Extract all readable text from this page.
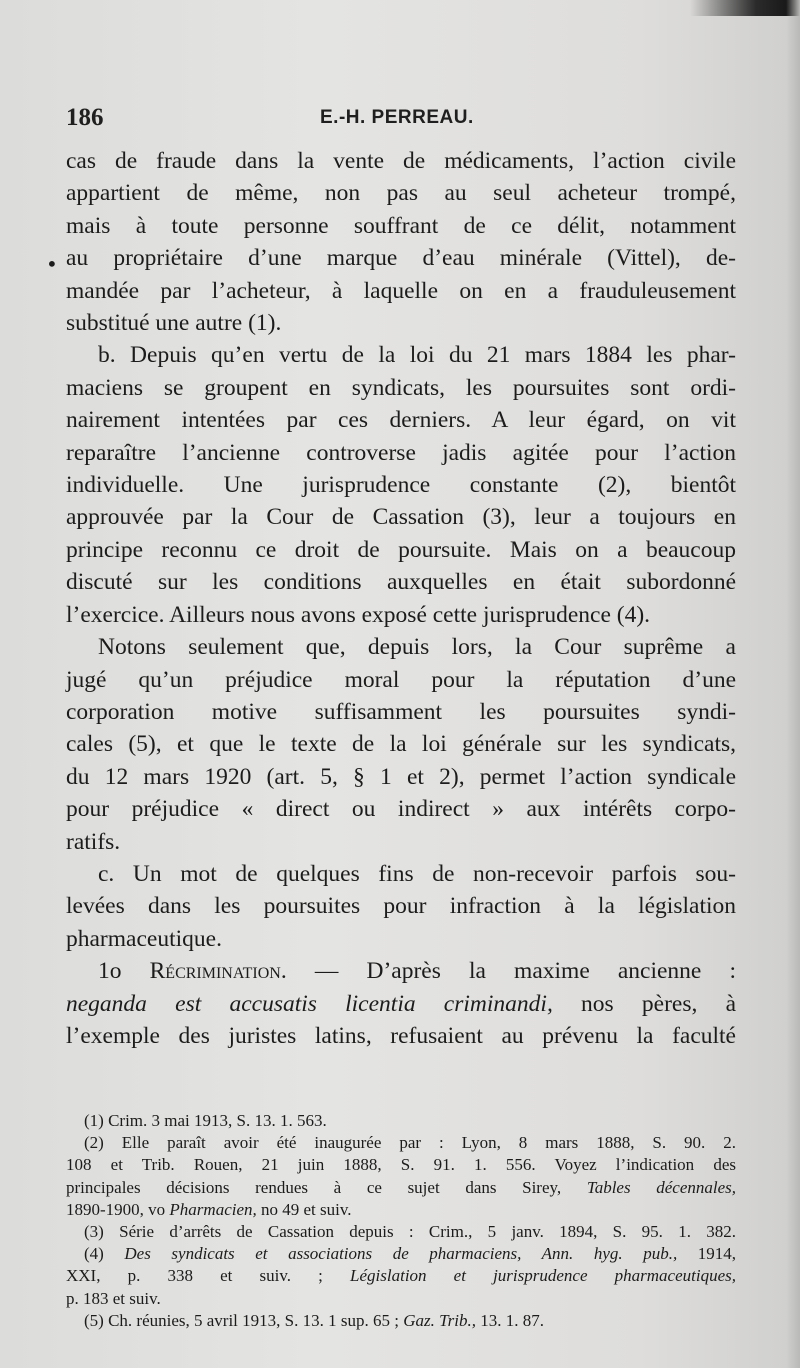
186	E.-H. PERREAU.
•
cas de fraude dans la vente de médicaments, l’action civile
appartient de même, non pas au seul acheteur trompé,
mais à toute personne souffrant de ce délit, notamment
au propriétaire d’une marque d’eau minérale (Vittel), de-
mandée par l’acheteur, à laquelle on en a frauduleusement
substitué une autre (1).
b. Depuis qu’en vertu de la loi du 21 mars 1884 les phar-
maciens se groupent en syndicats, les poursuites sont ordi-
nairement intentées par ces derniers. A leur égard, on vit
reparaître l’ancienne controverse jadis agitée pour l’action
individuelle. Une jurisprudence constante (2), bientôt
approuvée par la Cour de Cassation (3), leur a toujours en
principe reconnu ce droit de poursuite. Mais on a beaucoup
discuté sur les conditions auxquelles en était subordonné
l’exercice. Ailleurs nous avons exposé cette jurisprudence (4).
Notons seulement que, depuis lors, la Cour suprême a
jugé qu’un préjudice moral pour la réputation d’une
corporation motive suffisamment les poursuites syndi-
cales (5), et que le texte de la loi générale sur les syndicats,
du 12 mars 1920 (art. 5, § 1 et 2), permet l’action syndicale
pour préjudice « direct ou indirect » aux intérêts corpo-
ratifs.
c. Un mot de quelques fins de non-recevoir parfois sou-
levées dans les poursuites pour infraction à la législation
pharmaceutique.
1o Récrimination. — D’après la maxime ancienne :
neganda est accusatis licentia criminandi, nos pères, à
l’exemple des juristes latins, refusaient au prévenu la faculté
(1) Crim. 3 mai 1913, S. 13. 1. 563.
(2) Elle paraît avoir été inaugurée par : Lyon, 8 mars 1888, S. 90. 2.
108 et Trib. Rouen, 21 juin 1888, S. 91. 1. 556. Voyez l’indication des
principales décisions rendues à ce sujet dans Sirey, Tables décennales,
1890-1900, vo Pharmacien, no 49 et suiv.
(3) Série d’arrêts de Cassation depuis : Crim., 5 janv. 1894, S. 95. 1. 382.
(4) Des syndicats et associations de pharmaciens, Ann. hyg. pub., 1914,
XXI, p. 338 et suiv. ; Législation et jurisprudence pharmaceutiques,
p. 183 et suiv.
(5) Ch. réunies, 5 avril 1913, S. 13. 1 sup. 65 ; Gaz. Trib., 13. 1. 87.
